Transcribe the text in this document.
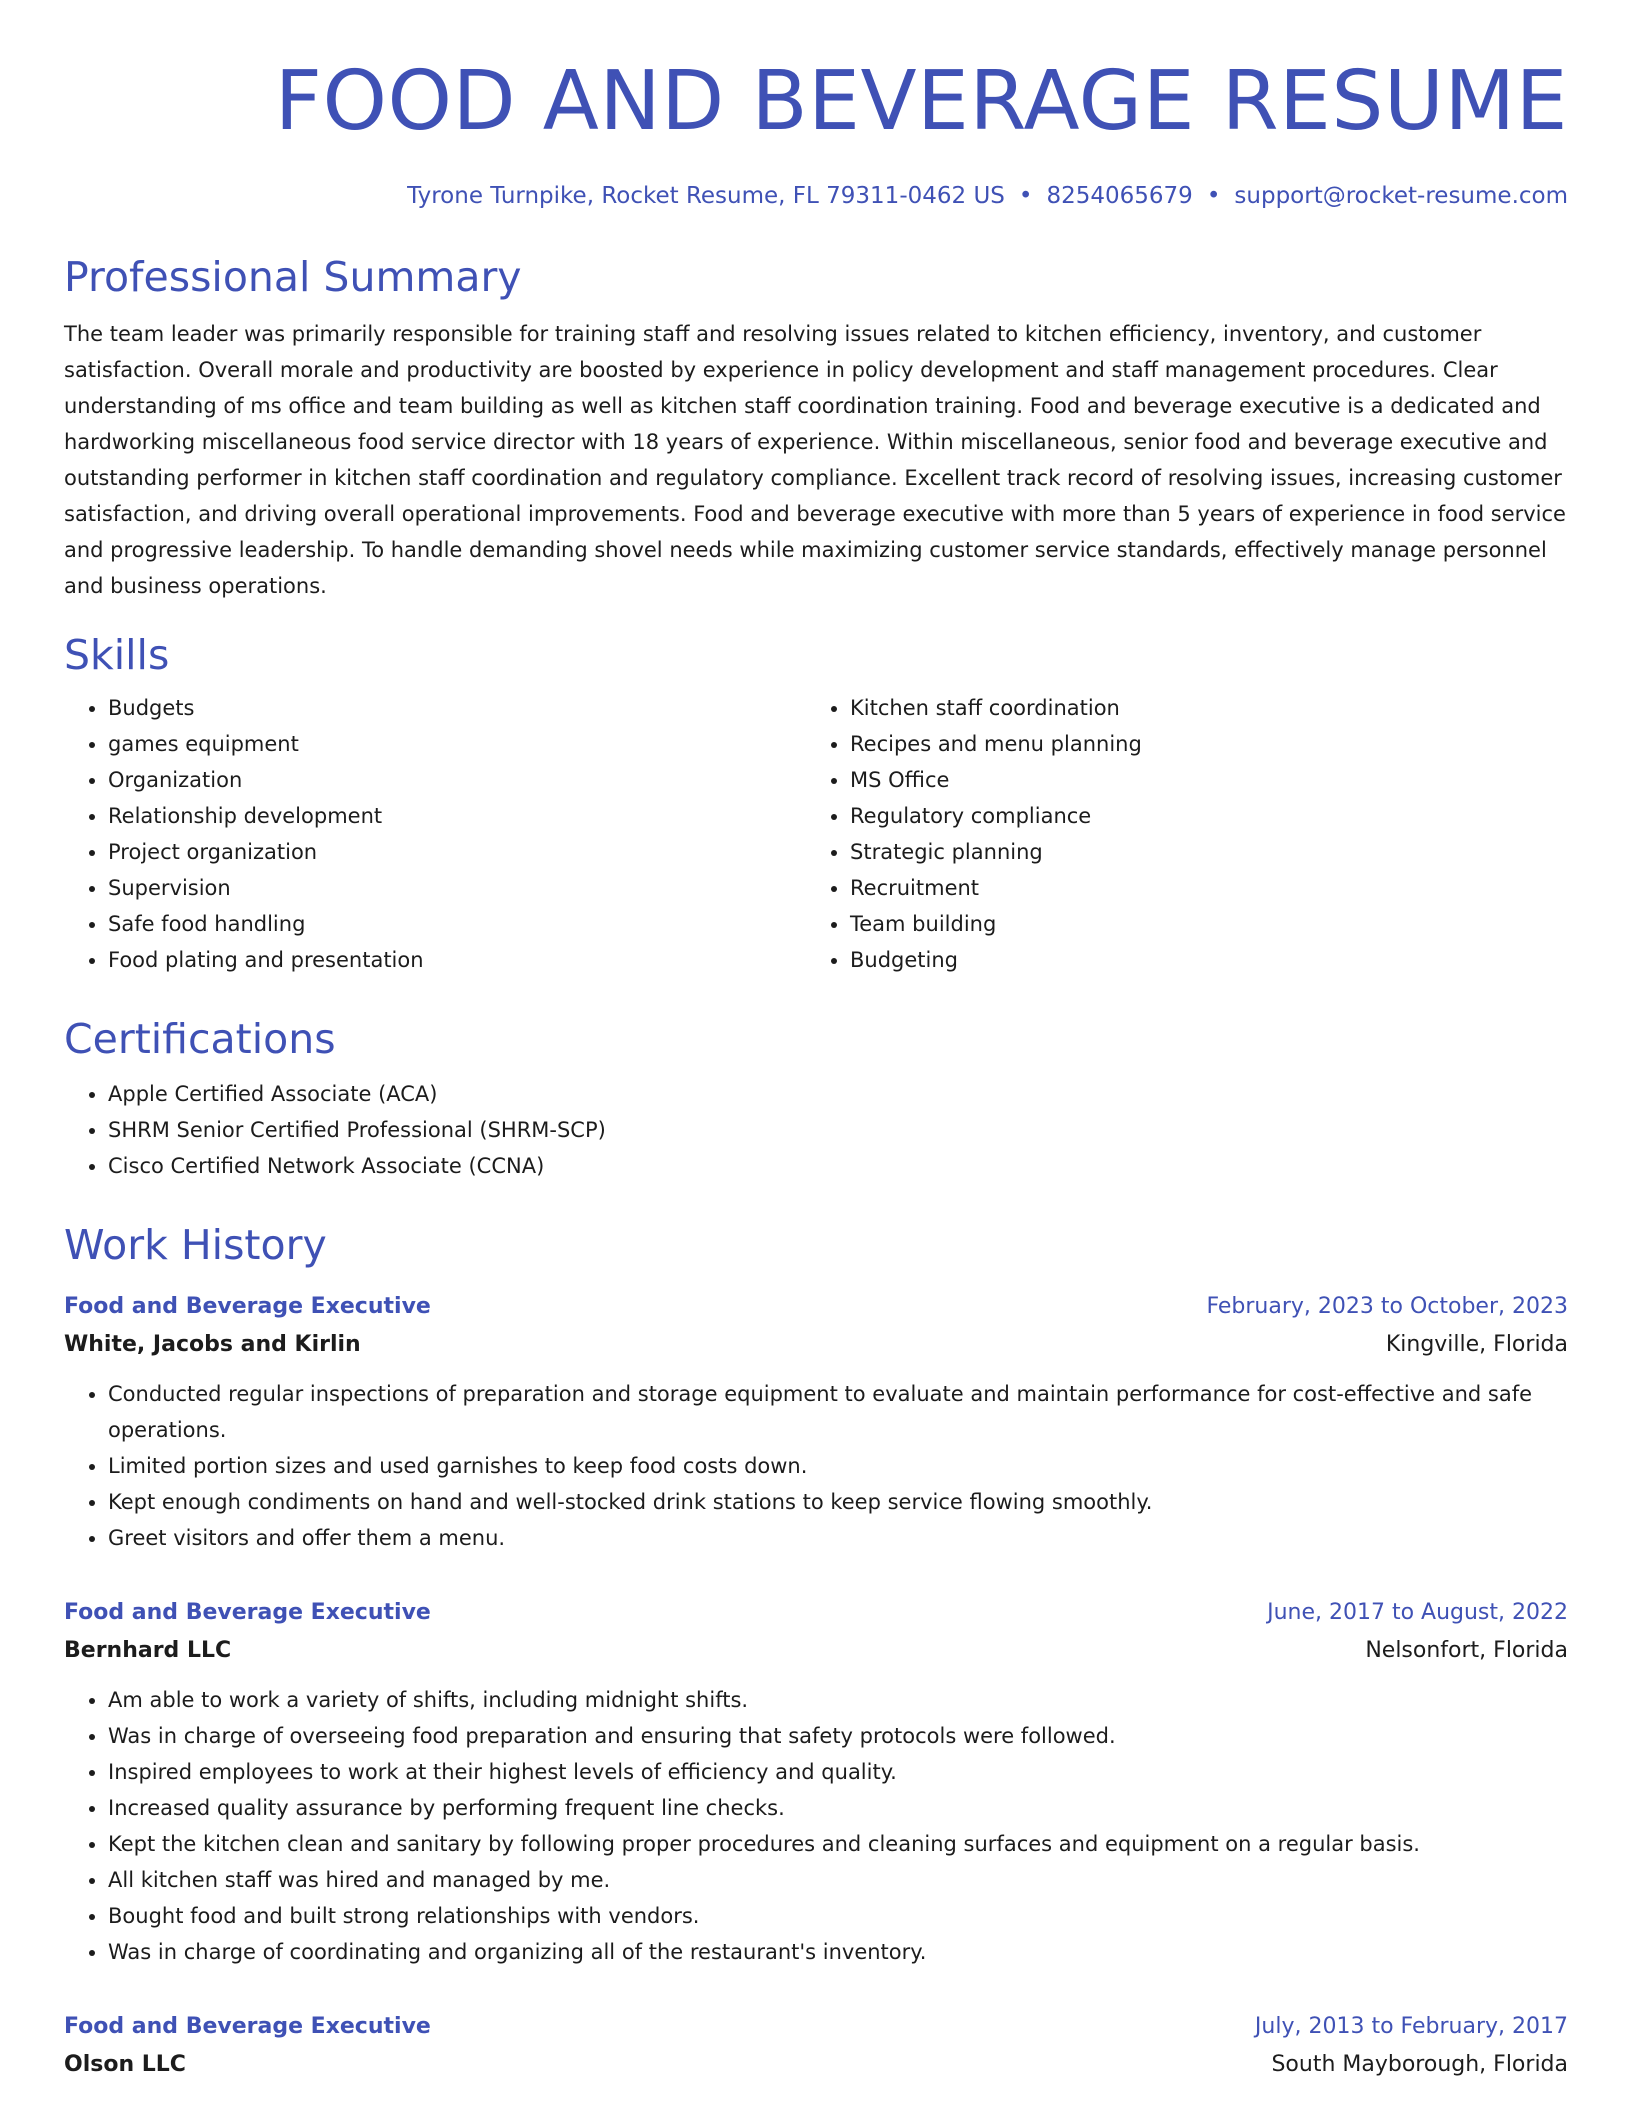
FOOD AND BEVERAGE RESUME
Tyrone Turnpike, Rocket Resume, FL 79311-0462 US • 8254065679 • support@rocket-resume.com
Professional Summary
The team leader was primarily responsible for training staff and resolving issues related to kitchen efficiency, inventory, and customer satisfaction. Overall morale and productivity are boosted by experience in policy development and staff management procedures. Clear understanding of ms office and team building as well as kitchen staff coordination training. Food and beverage executive is a dedicated and hardworking miscellaneous food service director with 18 years of experience. Within miscellaneous, senior food and beverage executive and outstanding performer in kitchen staff coordination and regulatory compliance. Excellent track record of resolving issues, increasing customer satisfaction, and driving overall operational improvements. Food and beverage executive with more than 5 years of experience in food service and progressive leadership. To handle demanding shovel needs while maximizing customer service standards, effectively manage personnel and business operations.
Skills
• Budgets
• games equipment
• Organization
• Relationship development
• Project organization
• Supervision
• Safe food handling
• Food plating and presentation
• Kitchen staff coordination
• Recipes and menu planning
• MS Office
• Regulatory compliance
• Strategic planning
• Recruitment
• Team building
• Budgeting
Certifications
• Apple Certified Associate (ACA)
• SHRM Senior Certified Professional (SHRM-SCP)
• Cisco Certified Network Associate (CCNA)
Work History
Food and Beverage Executive	February, 2023 to October, 2023
White, Jacobs and Kirlin	Kingville, Florida
• Conducted regular inspections of preparation and storage equipment to evaluate and maintain performance for cost-effective and safe operations.
• Limited portion sizes and used garnishes to keep food costs down.
• Kept enough condiments on hand and well-stocked drink stations to keep service flowing smoothly.
• Greet visitors and offer them a menu.
Food and Beverage Executive	June, 2017 to August, 2022
Bernhard LLC	Nelsonfort, Florida
• Am able to work a variety of shifts, including midnight shifts.
• Was in charge of overseeing food preparation and ensuring that safety protocols were followed.
• Inspired employees to work at their highest levels of efficiency and quality.
• Increased quality assurance by performing frequent line checks.
• Kept the kitchen clean and sanitary by following proper procedures and cleaning surfaces and equipment on a regular basis.
• All kitchen staff was hired and managed by me.
• Bought food and built strong relationships with vendors.
• Was in charge of coordinating and organizing all of the restaurant's inventory.
Food and Beverage Executive	July, 2013 to February, 2017
Olson LLC	South Mayborough, Florida
